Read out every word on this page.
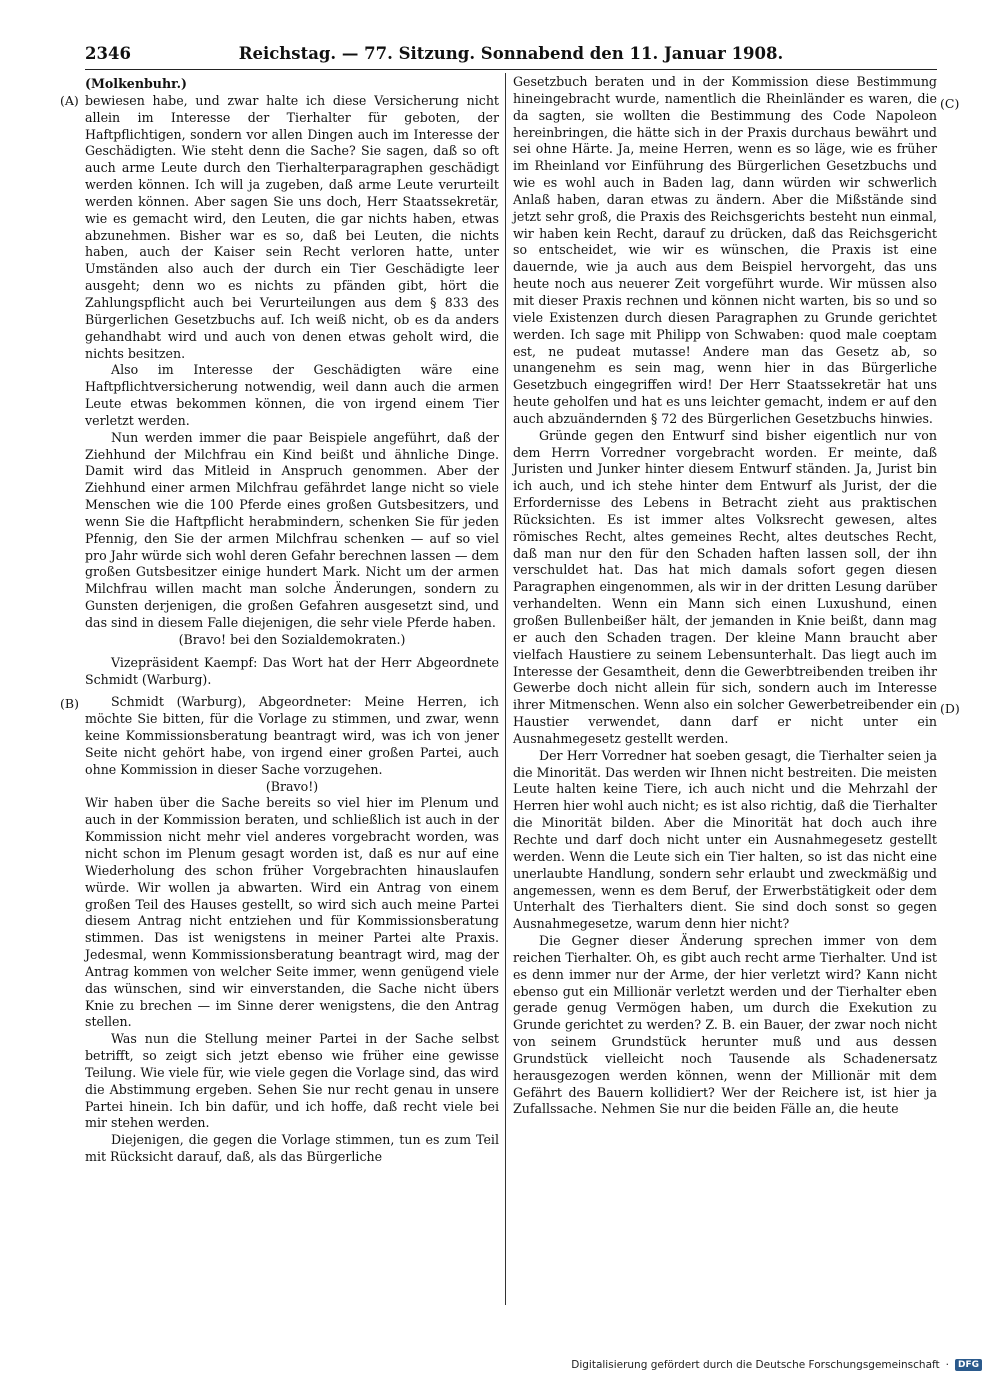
2346	Reichstag. — 77. Sitzung. Sonnabend den 11. Januar 1908.
(A)
(B)
(C)
(D)

(Molkenbuhr.)

bewiesen habe, und zwar halte ich diese Versicherung nicht allein im Interesse der Tierhalter für geboten, der Haftpflichtigen, sondern vor allen Dingen auch im Interesse der Geschädigten. Wie steht denn die Sache? Sie sagen, daß so oft auch arme Leute durch den Tierhalterparagraphen geschädigt werden können. Ich will ja zugeben, daß arme Leute verurteilt werden können. Aber sagen Sie uns doch, Herr Staatssekretär, wie es gemacht wird, den Leuten, die gar nichts haben, etwas abzunehmen. Bisher war es so, daß bei Leuten, die nichts haben, auch der Kaiser sein Recht verloren hatte, unter Umständen also auch der durch ein Tier Geschädigte leer ausgeht; denn wo es nichts zu pfänden gibt, hört die Zahlungspflicht auch bei Verurteilungen aus dem § 833 des Bürgerlichen Gesetzbuchs auf. Ich weiß nicht, ob es da anders gehandhabt wird und auch von denen etwas geholt wird, die nichts besitzen.

Also im Interesse der Geschädigten wäre eine Haftpflichtversicherung notwendig, weil dann auch die armen Leute etwas bekommen können, die von irgend einem Tier verletzt werden.

Nun werden immer die paar Beispiele angeführt, daß der Ziehhund der Milchfrau ein Kind beißt und ähnliche Dinge. Damit wird das Mitleid in Anspruch genommen. Aber der Ziehhund einer armen Milchfrau gefährdet lange nicht so viele Menschen wie die 100 Pferde eines großen Gutsbesitzers, und wenn Sie die Haftpflicht herabmindern, schenken Sie für jeden Pfennig, den Sie der armen Milchfrau schenken — auf so viel pro Jahr würde sich wohl deren Gefahr berechnen lassen — dem großen Gutsbesitzer einige hundert Mark. Nicht um der armen Milchfrau willen macht man solche Änderungen, sondern zu Gunsten derjenigen, die großen Gefahren ausgesetzt sind, und das sind in diesem Falle diejenigen, die sehr viele Pferde haben.

(Bravo! bei den Sozialdemokraten.)

Vizepräsident Kaempf: Das Wort hat der Herr Abgeordnete Schmidt (Warburg).

Schmidt (Warburg), Abgeordneter: Meine Herren, ich möchte Sie bitten, für die Vorlage zu stimmen, und zwar, wenn keine Kommissionsberatung beantragt wird, was ich von jener Seite nicht gehört habe, von irgend einer großen Partei, auch ohne Kommission in dieser Sache vorzugehen.

(Bravo!)

Wir haben über die Sache bereits so viel hier im Plenum und auch in der Kommission beraten, und schließlich ist auch in der Kommission nicht mehr viel anderes vorgebracht worden, was nicht schon im Plenum gesagt worden ist, daß es nur auf eine Wiederholung des schon früher Vorgebrachten hinauslaufen würde. Wir wollen ja abwarten. Wird ein Antrag von einem großen Teil des Hauses gestellt, so wird sich auch meine Partei diesem Antrag nicht entziehen und für Kommissionsberatung stimmen. Das ist wenigstens in meiner Partei alte Praxis. Jedesmal, wenn Kommissionsberatung beantragt wird, mag der Antrag kommen von welcher Seite immer, wenn genügend viele das wünschen, sind wir einverstanden, die Sache nicht übers Knie zu brechen — im Sinne derer wenigstens, die den Antrag stellen.

Was nun die Stellung meiner Partei in der Sache selbst betrifft, so zeigt sich jetzt ebenso wie früher eine gewisse Teilung. Wie viele für, wie viele gegen die Vorlage sind, das wird die Abstimmung ergeben. Sehen Sie nur recht genau in unsere Partei hinein. Ich bin dafür, und ich hoffe, daß recht viele bei mir stehen werden.

Diejenigen, die gegen die Vorlage stimmen, tun es zum Teil mit Rücksicht darauf, daß, als das Bürgerliche

Gesetzbuch beraten und in der Kommission diese Bestimmung hineingebracht wurde, namentlich die Rheinländer es waren, die da sagten, sie wollten die Bestimmung des Code Napoleon hereinbringen, die hätte sich in der Praxis durchaus bewährt und sei ohne Härte. Ja, meine Herren, wenn es so läge, wie es früher im Rheinland vor Einführung des Bürgerlichen Gesetzbuchs und wie es wohl auch in Baden lag, dann würden wir schwerlich Anlaß haben, daran etwas zu ändern. Aber die Mißstände sind jetzt sehr groß, die Praxis des Reichsgerichts besteht nun einmal, wir haben kein Recht, darauf zu drücken, daß das Reichsgericht so entscheidet, wie wir es wünschen, die Praxis ist eine dauernde, wie ja auch aus dem Beispiel hervorgeht, das uns heute noch aus neuerer Zeit vorgeführt wurde. Wir müssen also mit dieser Praxis rechnen und können nicht warten, bis so und so viele Existenzen durch diesen Paragraphen zu Grunde gerichtet werden. Ich sage mit Philipp von Schwaben: quod male coeptam est, ne pudeat mutasse! Andere man das Gesetz ab, so unangenehm es sein mag, wenn hier in das Bürgerliche Gesetzbuch eingegriffen wird! Der Herr Staatssekretär hat uns heute geholfen und hat es uns leichter gemacht, indem er auf den auch abzuändernden § 72 des Bürgerlichen Gesetzbuchs hinwies.

Gründe gegen den Entwurf sind bisher eigentlich nur von dem Herrn Vorredner vorgebracht worden. Er meinte, daß Juristen und Junker hinter diesem Entwurf ständen. Ja, Jurist bin ich auch, und ich stehe hinter dem Entwurf als Jurist, der die Erfordernisse des Lebens in Betracht zieht aus praktischen Rücksichten. Es ist immer altes Volksrecht gewesen, altes römisches Recht, altes gemeines Recht, altes deutsches Recht, daß man nur den für den Schaden haften lassen soll, der ihn verschuldet hat. Das hat mich damals sofort gegen diesen Paragraphen eingenommen, als wir in der dritten Lesung darüber verhandelten. Wenn ein Mann sich einen Luxushund, einen großen Bullenbeißer hält, der jemanden in Knie beißt, dann mag er auch den Schaden tragen. Der kleine Mann braucht aber vielfach Haustiere zu seinem Lebensunterhalt. Das liegt auch im Interesse der Gesamtheit, denn die Gewerbtreibenden treiben ihr Gewerbe doch nicht allein für sich, sondern auch im Interesse ihrer Mitmenschen. Wenn also ein solcher Gewerbetreibender ein Haustier verwendet, dann darf er nicht unter ein Ausnahmegesetz gestellt werden.

Der Herr Vorredner hat soeben gesagt, die Tierhalter seien ja die Minorität. Das werden wir Ihnen nicht bestreiten. Die meisten Leute halten keine Tiere, ich auch nicht und die Mehrzahl der Herren hier wohl auch nicht; es ist also richtig, daß die Tierhalter die Minorität bilden. Aber die Minorität hat doch auch ihre Rechte und darf doch nicht unter ein Ausnahmegesetz gestellt werden. Wenn die Leute sich ein Tier halten, so ist das nicht eine unerlaubte Handlung, sondern sehr erlaubt und zweckmäßig und angemessen, wenn es dem Beruf, der Erwerbstätigkeit oder dem Unterhalt des Tierhalters dient. Sie sind doch sonst so gegen Ausnahmegesetze, warum denn hier nicht?

Die Gegner dieser Änderung sprechen immer von dem reichen Tierhalter. Oh, es gibt auch recht arme Tierhalter. Und ist es denn immer nur der Arme, der hier verletzt wird? Kann nicht ebenso gut ein Millionär verletzt werden und der Tierhalter eben gerade genug Vermögen haben, um durch die Exekution zu Grunde gerichtet zu werden? Z. B. ein Bauer, der zwar noch nicht von seinem Grundstück herunter muß und aus dessen Grundstück vielleicht noch Tausende als Schadenersatz herausgezogen werden können, wenn der Millionär mit dem Gefährt des Bauern kollidiert? Wer der Reichere ist, ist hier ja Zufallssache. Nehmen Sie nur die beiden Fälle an, die heute

Digitalisierung gefördert durch die Deutsche Forschungsgemeinschaft ·	DFG
